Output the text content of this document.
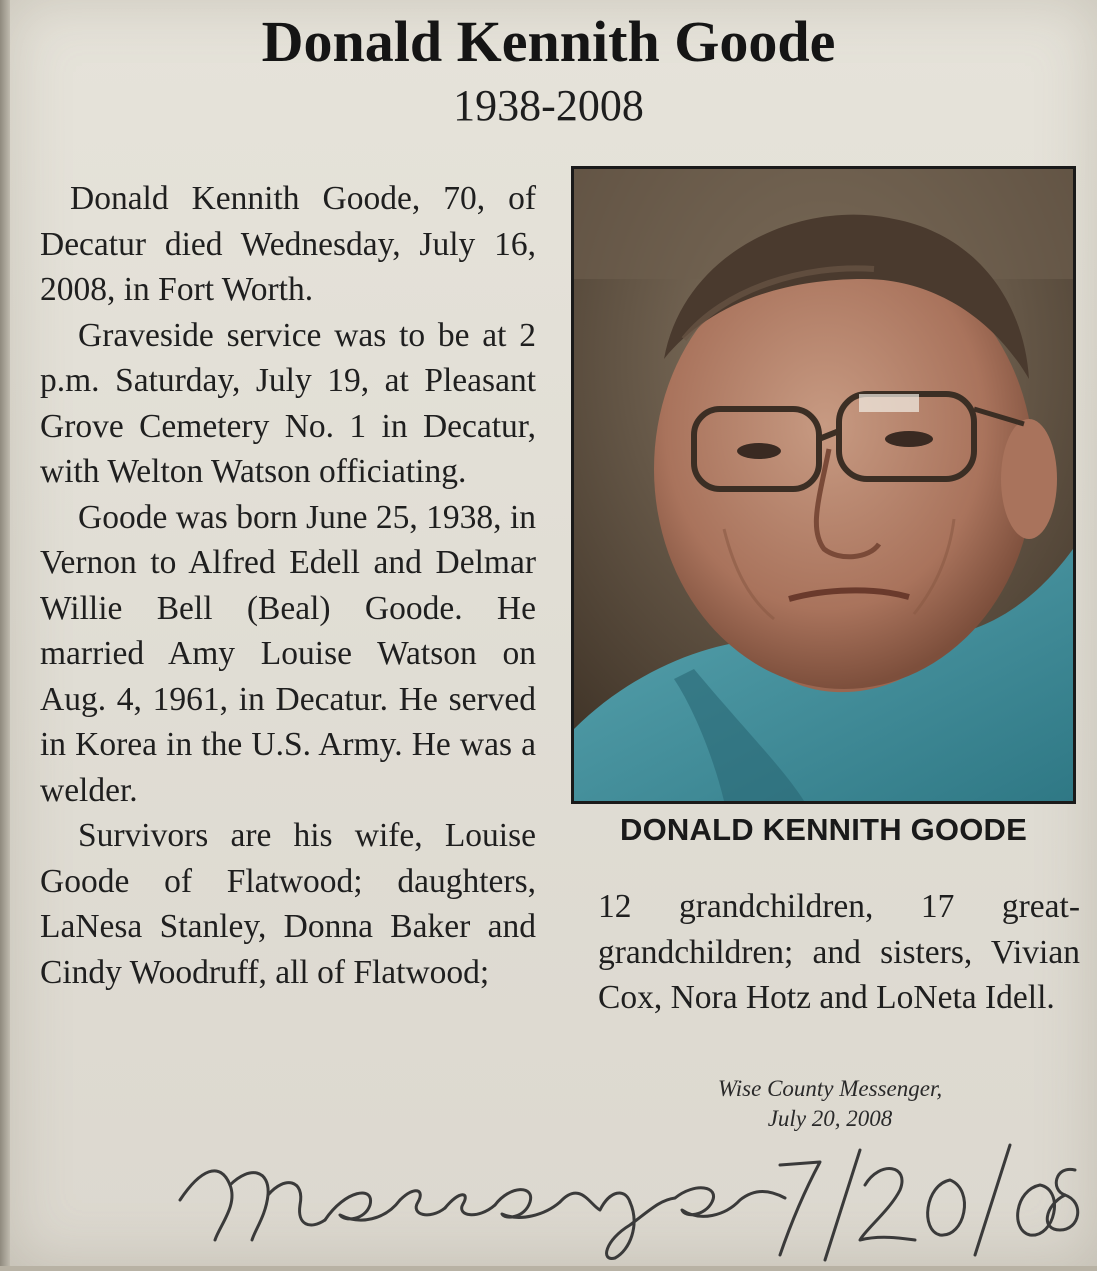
Donald Kennith Goode
1938-2008

Donald Kennith Goode, 70, of Decatur died Wednesday, July 16, 2008, in Fort Worth.

Graveside service was to be at 2 p.m. Saturday, July 19, at Pleasant Grove Cemetery No. 1 in Decatur, with Welton Watson officiating.

Goode was born June 25, 1938, in Vernon to Alfred Edell and Delmar Willie Bell (Beal) Goode. He married Amy Louise Watson on Aug. 4, 1961, in Decatur. He served in Korea in the U.S. Army. He was a welder.

Survivors are his wife, Louise Goode of Flatwood; daughters, LaNesa Stanley, Donna Baker and Cindy Woodruff, all of Flatwood;

DONALD KENNITH GOODE

12 grandchildren, 17 great-grandchildren; and sisters, Vivian Cox, Nora Hotz and LoNeta Idell.

Wise County Messenger,
July 20, 2008
